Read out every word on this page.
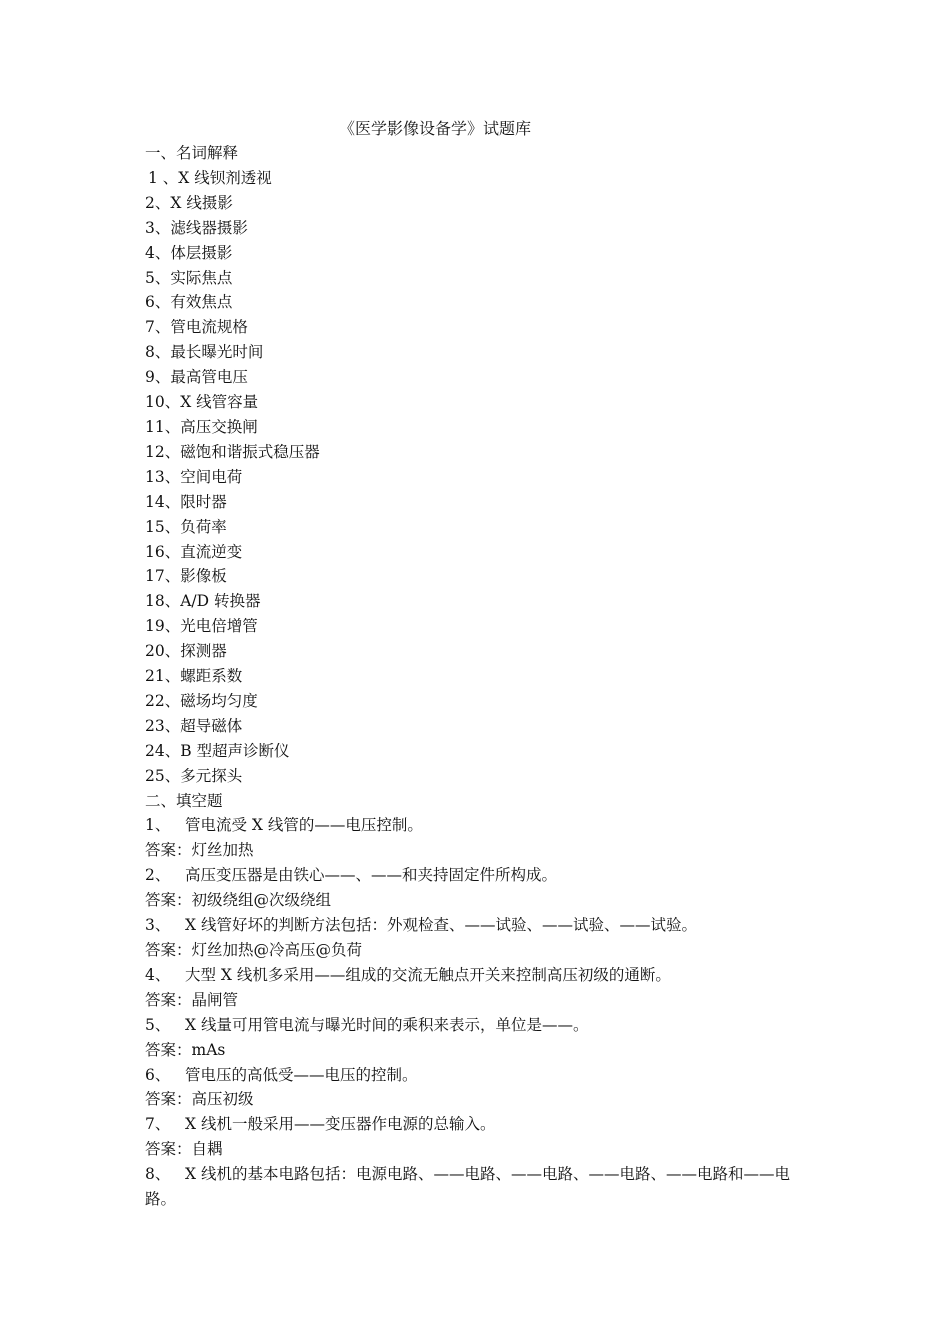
《医学影像设备学》试题库
一、名词解释
1 、X 线钡剂透视
2、X 线摄影
3、滤线器摄影
4、体层摄影
5、实际焦点
6、有效焦点
7、管电流规格
8、最长曝光时间
9、最高管电压
10、X 线管容量
11、高压交换闸
12、磁饱和谐振式稳压器
13、空间电荷
14、限时器
15、负荷率
16、直流逆变
17、影像板
18、A/D 转换器
19、光电倍增管
20、探测器
21、螺距系数
22、磁场均匀度
23、超导磁体
24、B 型超声诊断仪
25、多元探头
二、填空题
1、 管电流受 X 线管的——电压控制。
答案：灯丝加热
2、 高压变压器是由铁心——、——和夹持固定件所构成。
答案：初级绕组@次级绕组
3、 X 线管好坏的判断方法包括：外观检查、——试验、——试验、——试验。
答案：灯丝加热@冷高压@负荷
4、 大型 X 线机多采用——组成的交流无触点开关来控制高压初级的通断。
答案：晶闸管
5、 X 线量可用管电流与曝光时间的乘积来表示，单位是——。
答案：mAs
6、 管电压的高低受——电压的控制。
答案：高压初级
7、 X 线机一般采用——变压器作电源的总输入。
答案：自耦
8、 X 线机的基本电路包括：电源电路、——电路、——电路、——电路、——电路和——电路。
